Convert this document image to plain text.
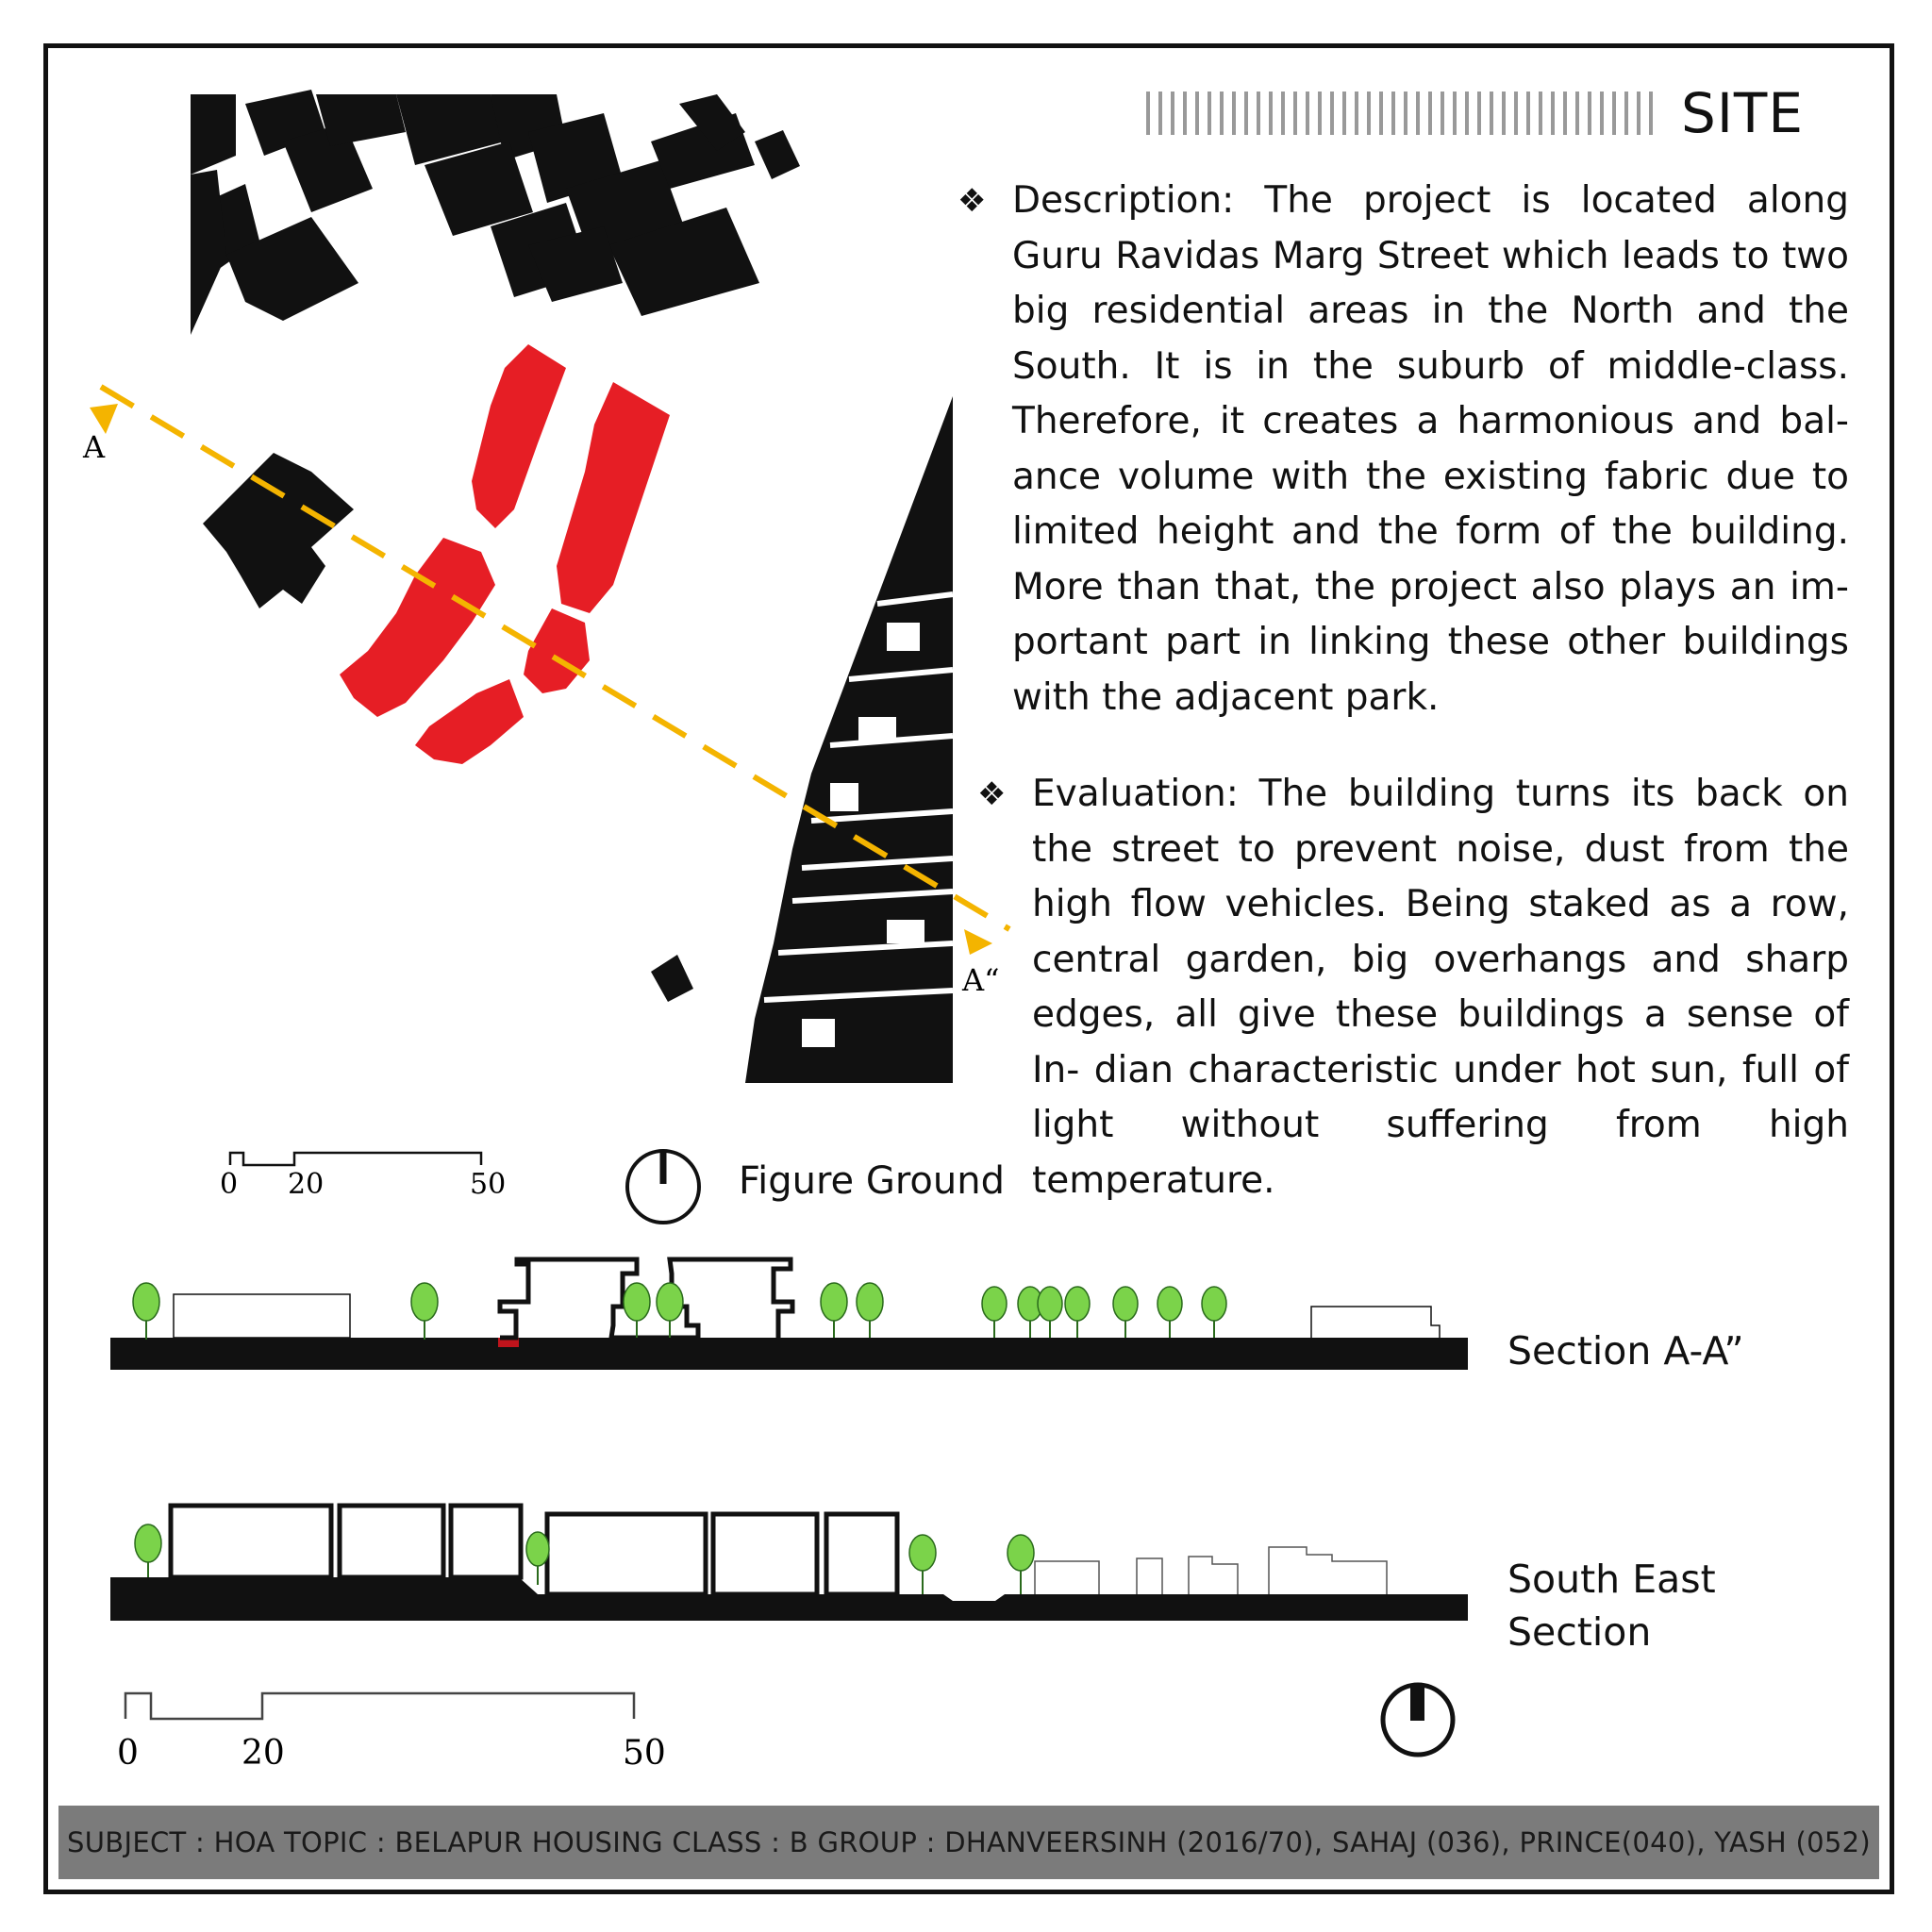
SITE
❖ Description: The project is located along Guru Ravidas Marg Street which leads to two big residential areas in the North and the South. It is in the suburb of middle-class. Therefore, it creates a harmonious and bal- ance volume with the existing fabric due to limited height and the form of the building. More than that, the project also plays an im- portant part in linking these other buildings with the adjacent park.
❖ Evaluation: The building turns its back on the street to prevent noise, dust from the high flow vehicles. Being staked as a row, central garden, big overhangs and sharp edges, all give these buildings a sense of In- dian characteristic under hot sun, full of light without suffering from high temperature.
A
A“
0 20	50
0	20	50
Figure Ground
Section A-A”
South East
Section
SUBJECT : HOA TOPIC : BELAPUR HOUSING CLASS : B GROUP : DHANVEERSINH (2016/70), SAHAJ (036), PRINCE(040), YASH (052)
